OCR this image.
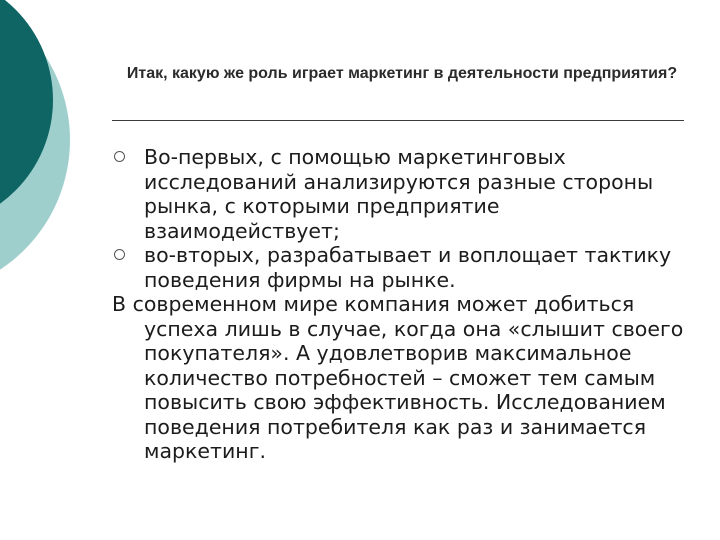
Итак, какую же роль играет маркетинг в деятельности предприятия?
Во-первых, с помощью маркетинговых исследований анализируются разные стороны рынка, с которыми предприятие взаимодействует;
во-вторых, разрабатывает и воплощает тактику поведения фирмы на рынке.
В современном мире компания может добиться успеха лишь в случае, когда она «слышит своего покупателя». А удовлетворив максимальное количество потребностей – сможет тем самым повысить свою эффективность. Исследованием поведения потребителя как раз и занимается маркетинг.
